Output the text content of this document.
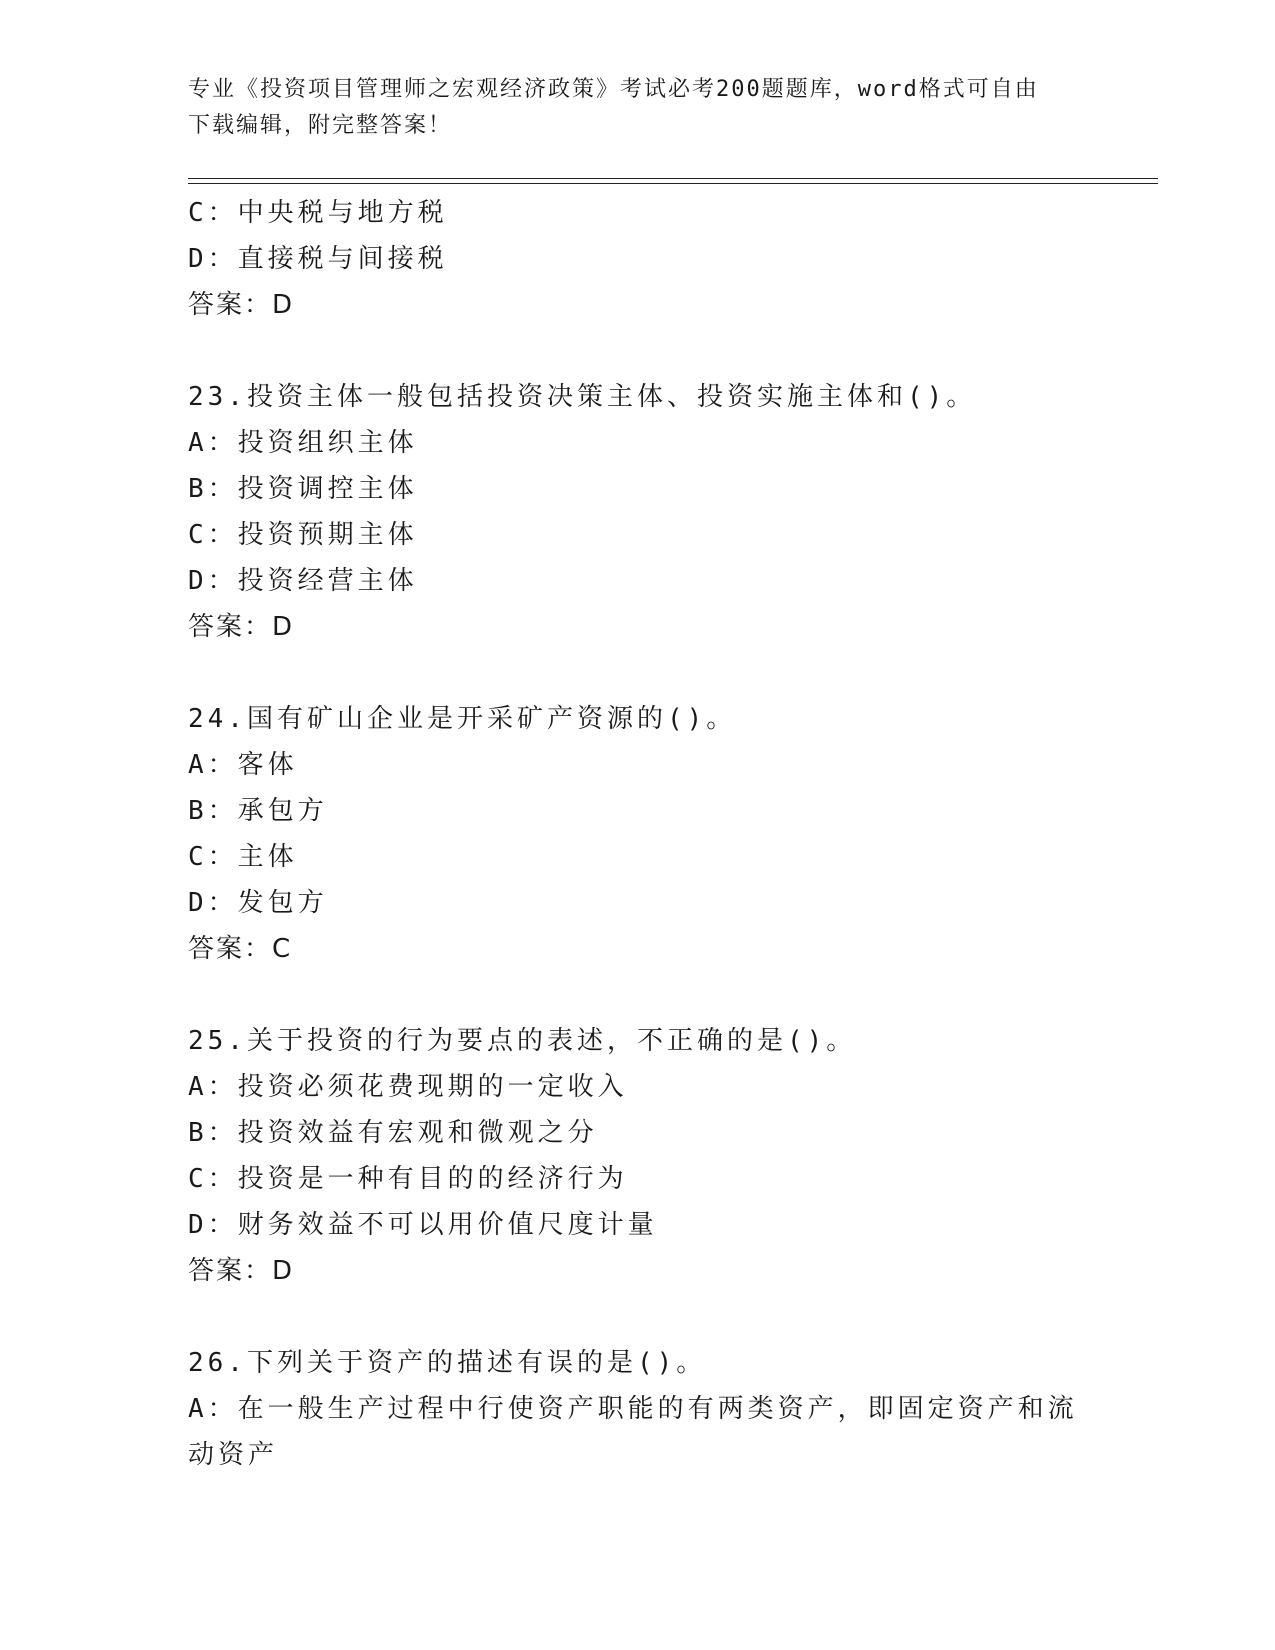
专业《投资项目管理师之宏观经济政策》考试必考200题题库，word格式可自由
下载编辑，附完整答案！
C：中央税与地方税
D：直接税与间接税
答案：D
23.投资主体一般包括投资决策主体、投资实施主体和()。
A：投资组织主体
B：投资调控主体
C：投资预期主体
D：投资经营主体
答案：D
24.国有矿山企业是开采矿产资源的()。
A：客体
B：承包方
C：主体
D：发包方
答案：C
25.关于投资的行为要点的表述，不正确的是()。
A：投资必须花费现期的一定收入
B：投资效益有宏观和微观之分
C：投资是一种有目的的经济行为
D：财务效益不可以用价值尺度计量
答案：D
26.下列关于资产的描述有误的是()。
A：在一般生产过程中行使资产职能的有两类资产，即固定资产和流动资产
